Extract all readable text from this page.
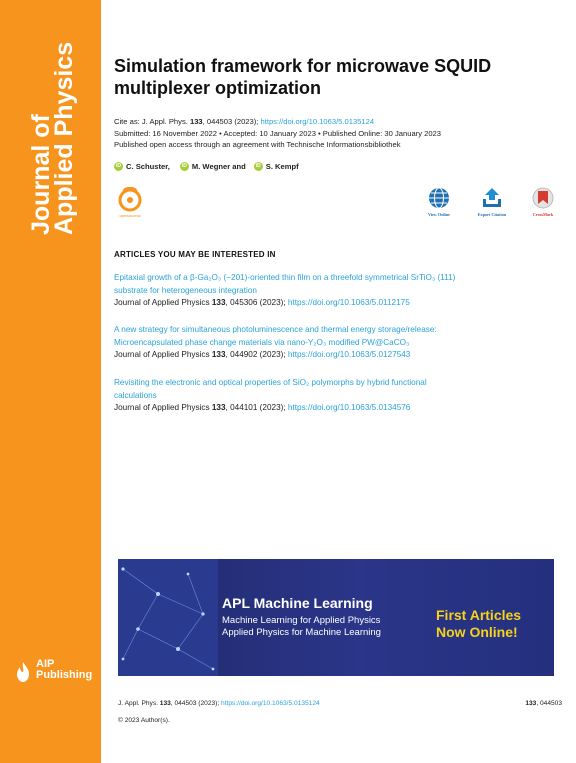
Journal of
Applied Physics
AIP
Publishing
Simulation framework for microwave SQUID
multiplexer optimization
Cite as: J. Appl. Phys. 133, 044503 (2023); https://doi.org/10.1063/5.0135124
Submitted: 16 November 2022 • Accepted: 10 January 2023 • Published Online: 30 January 2023
Published open access through an agreement with Technische Informationsbibliothek
iD C. Schuster,	iD M. Wegner and	iD S. Kempf
openaccess	View Online	Export Citation	CrossMark
ARTICLES YOU MAY BE INTERESTED IN
Epitaxial growth of a β-Ga₂O₃ (−201)-oriented thin film on a threefold symmetrical SrTiO₃ (111)
substrate for heterogeneous integration
Journal of Applied Physics 133, 045306 (2023); https://doi.org/10.1063/5.0112175
A new strategy for simultaneous photoluminescence and thermal energy storage/release:
Microencapsulated phase change materials via nano-Y₂O₃ modified PW@CaCO₃
Journal of Applied Physics 133, 044902 (2023); https://doi.org/10.1063/5.0127543
Revisiting the electronic and optical properties of SiO₂ polymorphs by hybrid functional
calculations
Journal of Applied Physics 133, 044101 (2023); https://doi.org/10.1063/5.0134576
APL Machine Learning
Machine Learning for Applied Physics
Applied Physics for Machine Learning
First Articles
Now Online!
J. Appl. Phys. 133, 044503 (2023); https://doi.org/10.1063/5.0135124	133, 044503
© 2023 Author(s).
